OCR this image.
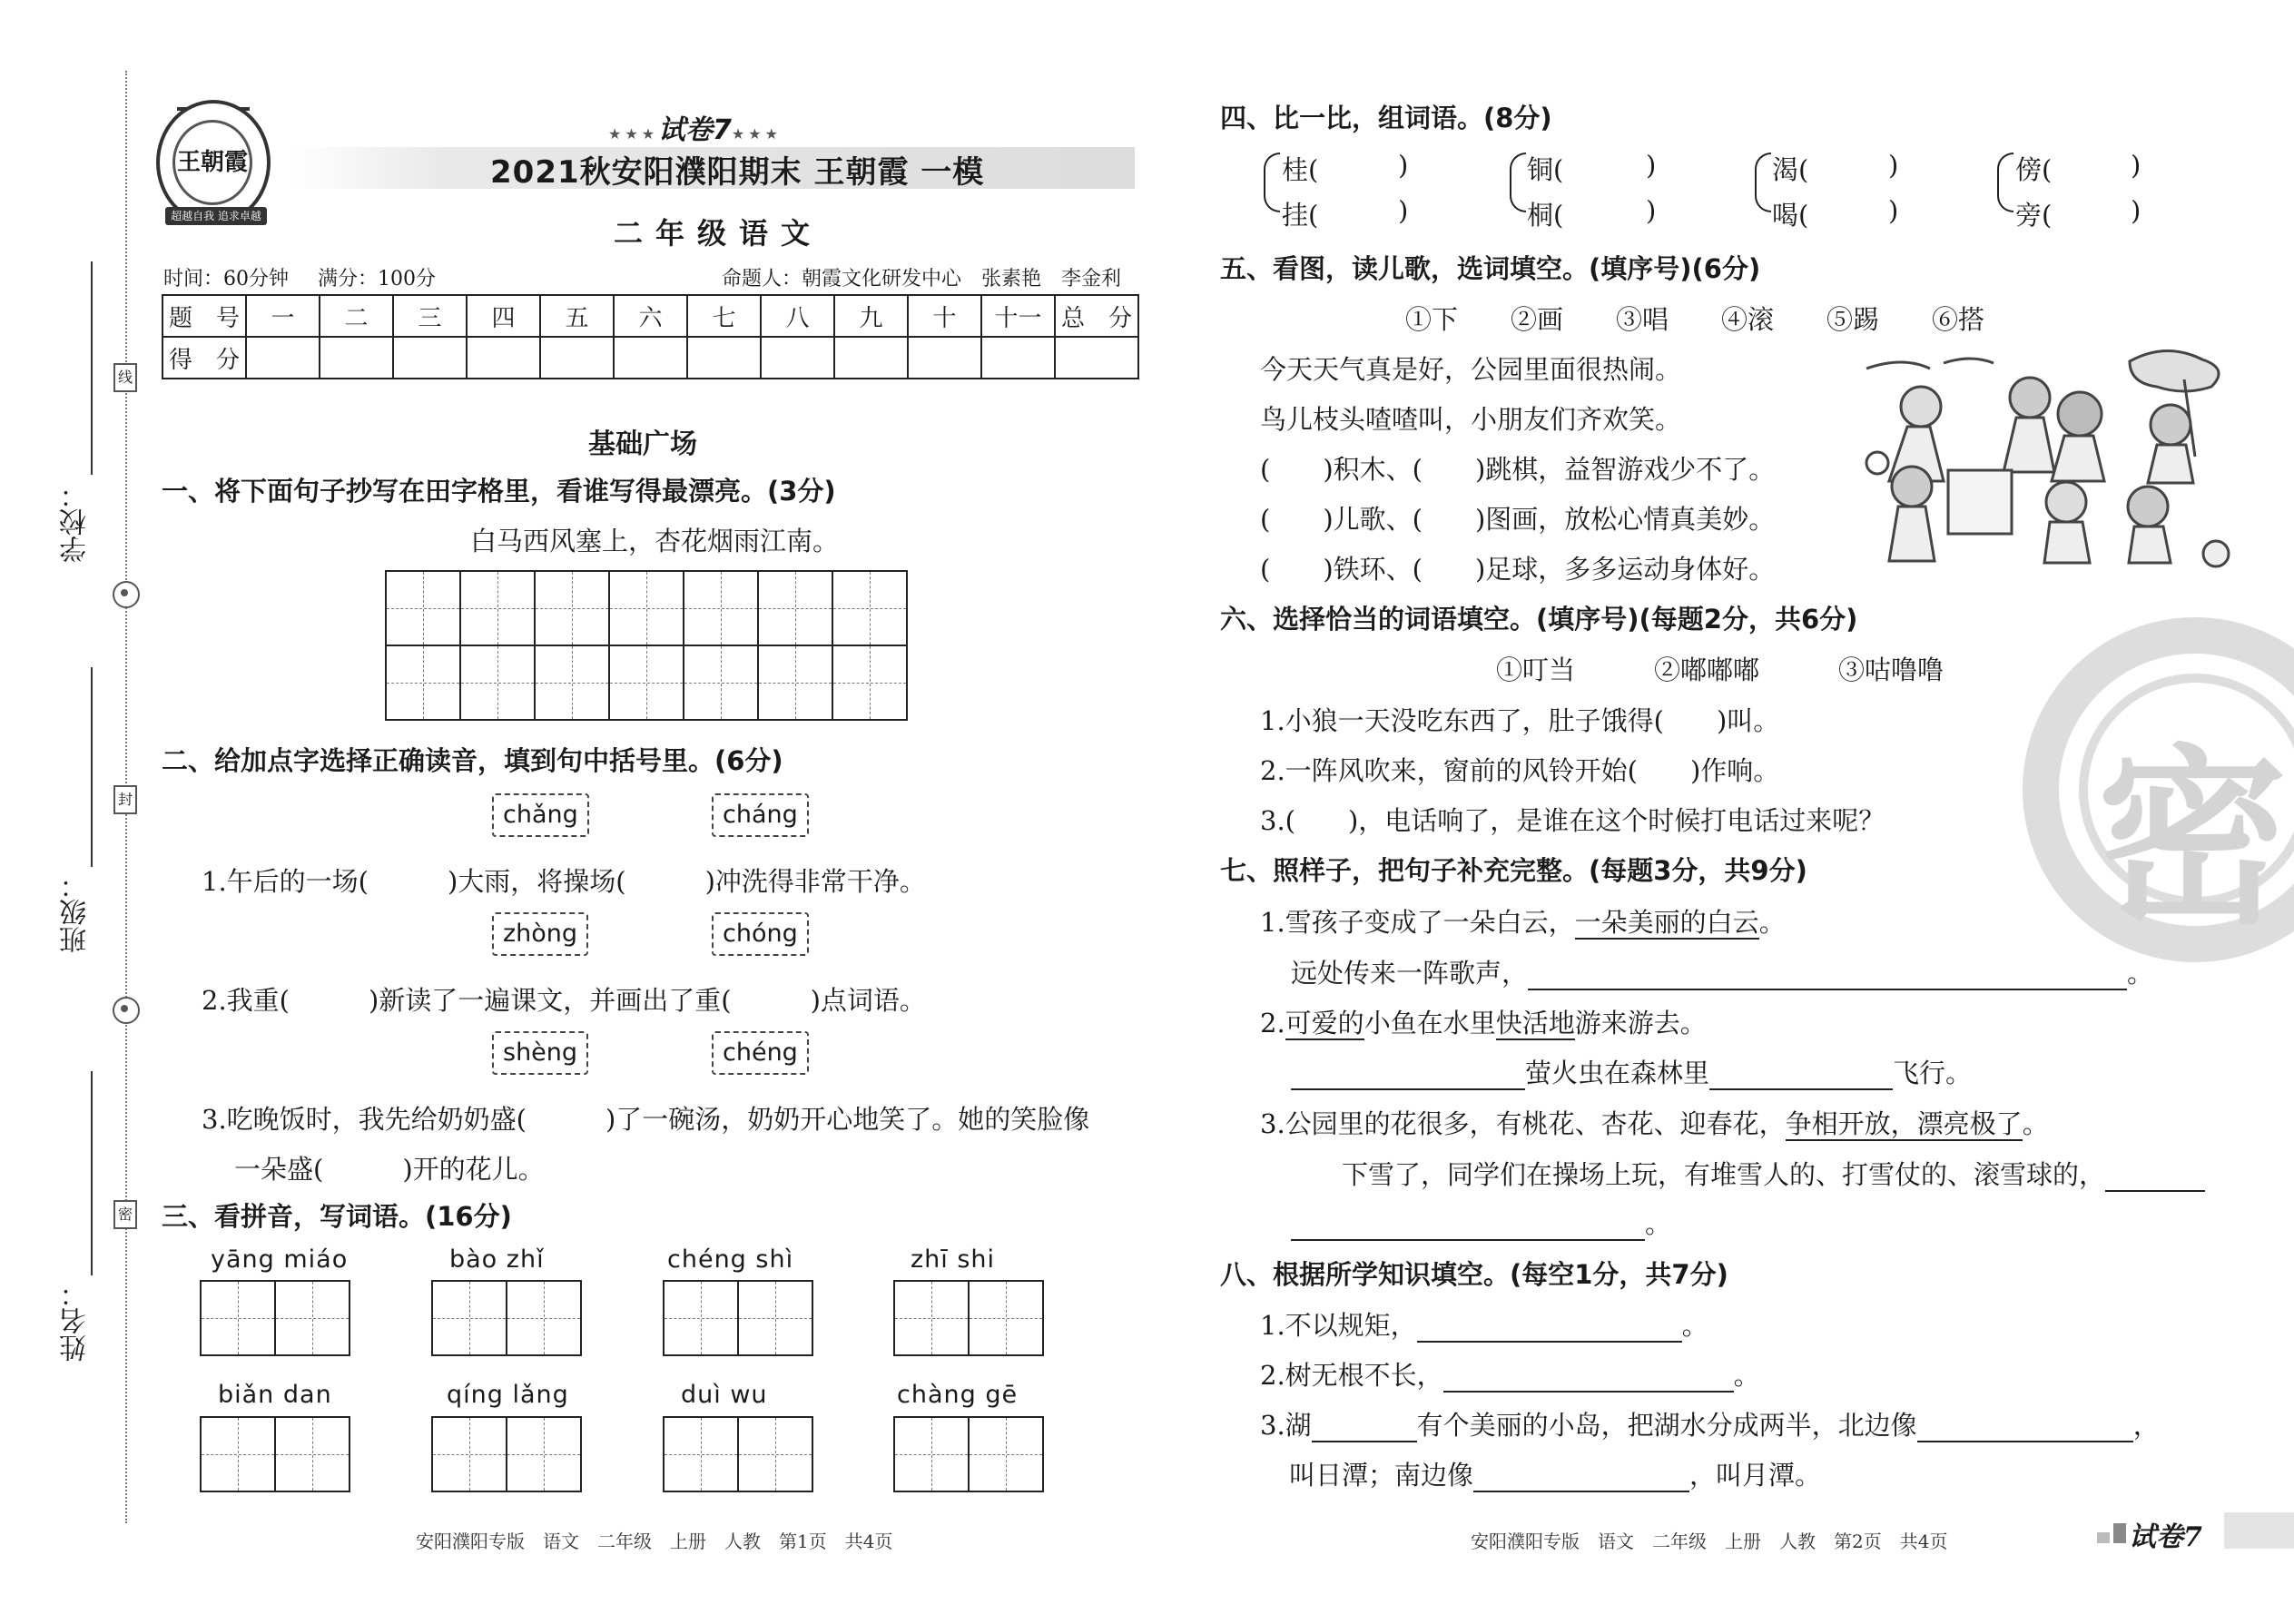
学校：
班级：
姓名：
线
封
密
王朝霞
超越自我 追求卓越
★★★试卷7★★★
2021秋安阳濮阳期末 王朝霞 一模
二年级语文
时间：60分钟 满分：100分	命题人：朝霞文化研发中心　张素艳　李金利
题　号	一	二	三	四	五	六	七	八	九	十	十一	总　分
得　分												
基础广场
一、将下面句子抄写在田字格里，看谁写得最漂亮。(3分)
白马西风塞上，杏花烟雨江南。
二、给加点字选择正确读音，填到句中括号里。(6分)
chǎng	cháng
1.午后的一场(　　　)大雨，将操场(　　　)冲洗得非常干净。
zhòng	chóng
2.我重(　　　)新读了一遍课文，并画出了重(　　　)点词语。
shèng	chéng
3.吃晚饭时，我先给奶奶盛(　　　)了一碗汤，奶奶开心地笑了。她的笑脸像
一朵盛(　　　)开的花儿。
三、看拼音，写词语。(16分)
yāng miáo	bào zhǐ	chéng shì	zhī shi
biǎn dan	qíng lǎng	duì wu	chàng gē
安阳濮阳专版　语文　二年级　上册　人教　第1页　共4页
密
四、比一比，组词语。(8分)
桂(	)
挂(	)
铜(	)
桐(	)
渴(	)
喝(	)
傍(	)
旁(	)
五、看图，读儿歌，选词填空。(填序号)(6分)
①下　　②画　　③唱　　④滚　　⑤踢　　⑥搭
今天天气真是好，公园里面很热闹。
鸟儿枝头喳喳叫，小朋友们齐欢笑。
(　　)积木、(　　)跳棋，益智游戏少不了。
(　　)儿歌、(　　)图画，放松心情真美妙。
(　　)铁环、(　　)足球，多多运动身体好。
六、选择恰当的词语填空。(填序号)(每题2分，共6分)
①叮当　　　②嘟嘟嘟　　　③咕噜噜
1.小狼一天没吃东西了，肚子饿得(　　)叫。
2.一阵风吹来，窗前的风铃开始(　　)作响。
3.(　　)，电话响了，是谁在这个时候打电话过来呢？
七、照样子，把句子补充完整。(每题3分，共9分)
1.雪孩子变成了一朵白云，一朵美丽的白云。
远处传来一阵歌声，	。
2.可爱的小鱼在水里快活地游来游去。
萤火虫在森林里	飞行。
3.公园里的花很多，有桃花、杏花、迎春花，争相开放，漂亮极了。
下雪了，同学们在操场上玩，有堆雪人的、打雪仗的、滚雪球的，
。
八、根据所学知识填空。(每空1分，共7分)
1.不以规矩，	。
2.树无根不长，	。
3.湖	有个美丽的小岛，把湖水分成两半，北边像	，
叫日潭；南边像	，叫月潭。
安阳濮阳专版　语文　二年级　上册　人教　第2页　共4页	试卷7
